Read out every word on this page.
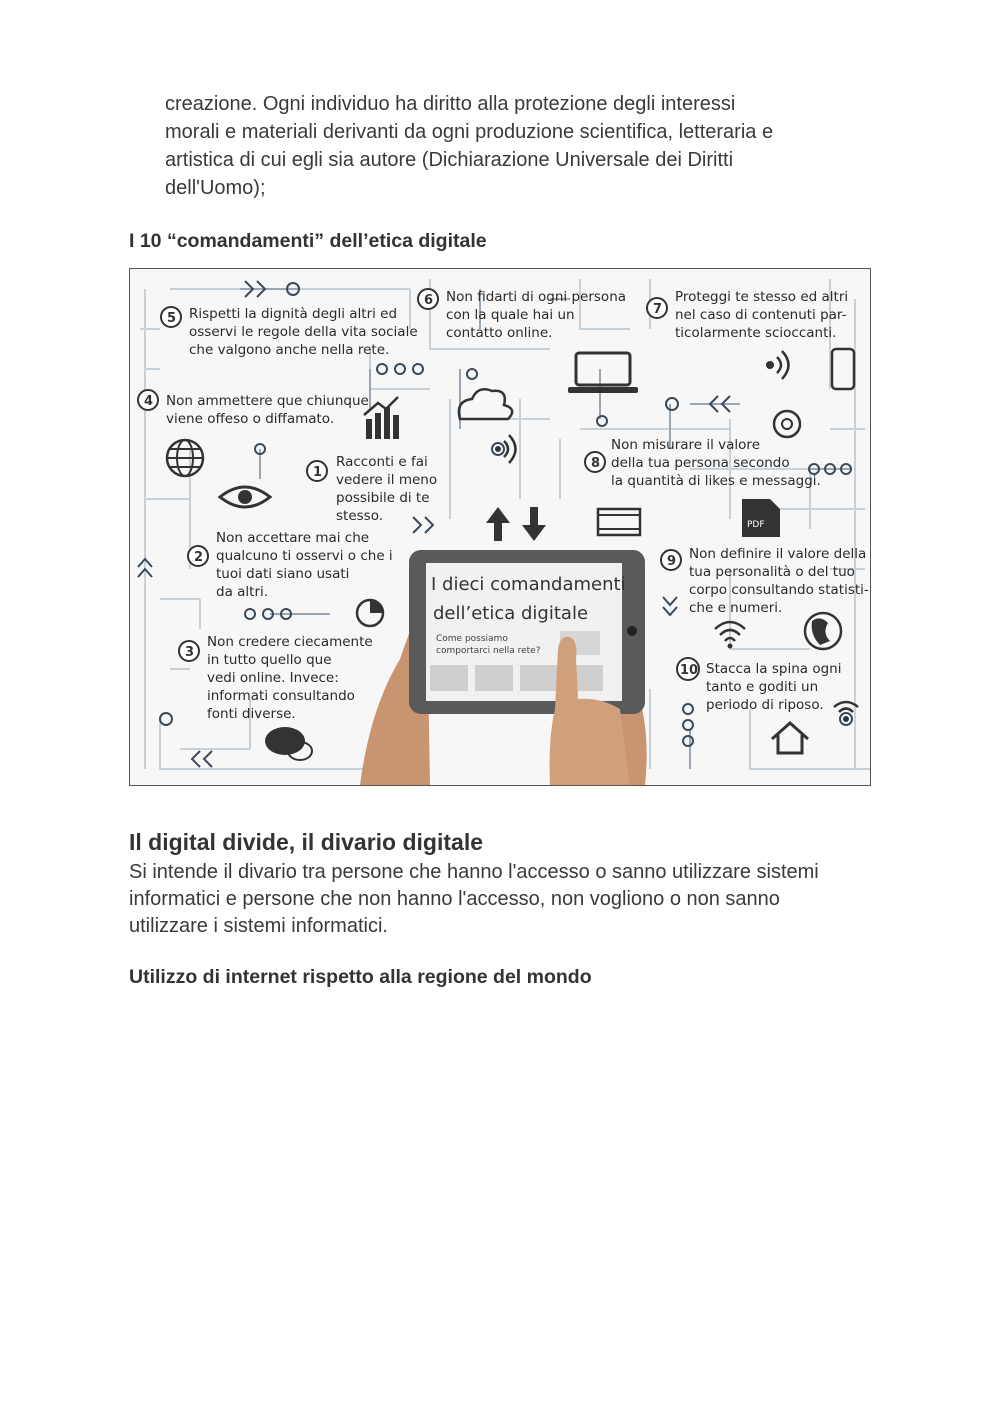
creazione. Ogni individuo ha diritto alla protezione degli interessi
morali e materiali derivanti da ogni produzione scientifica, letteraria e
artistica di cui egli sia autore (Dichiarazione Universale dei Diritti
dell'Uomo);

I 10 “comandamenti” dell’etica digitale
PDF
I dieci comandamenti
dell’etica digitale
Come possiamo
comportarci nella rete?
1
2
3
4
5
6
7
8
9
10
Racconti e fai vedere il meno possibile di te stesso.
Non accettare mai che qualcuno ti osservi o che i tuoi dati siano usati da altri.
Non credere ciecamente in tutto quello que vedi online. Invece: informati consultando fonti diverse.
Non ammettere que chiunque viene offeso o diffamato.
Rispetti la dignità degli altri ed osservi le regole della vita sociale che valgono anche nella rete.
Non fidarti di ogni persona con la quale hai un contatto online.
Proteggi te stesso ed altri nel caso di contenuti par- ticolarmente scioccanti.
Non misurare il valore della tua persona secondo la quantità di likes e messaggi.
Non definire il valore della tua personalità o del tuo corpo consultando statisti- che e numeri.
Stacca la spina ogni tanto e goditi un periodo di riposo.
Il digital divide, il divario digitale

Si intende il divario tra persone che hanno l'accesso o sanno utilizzare sistemi
informatici e persone che non hanno l'accesso, non vogliono o non sanno
utilizzare i sistemi informatici.

Utilizzo di internet rispetto alla regione del mondo
